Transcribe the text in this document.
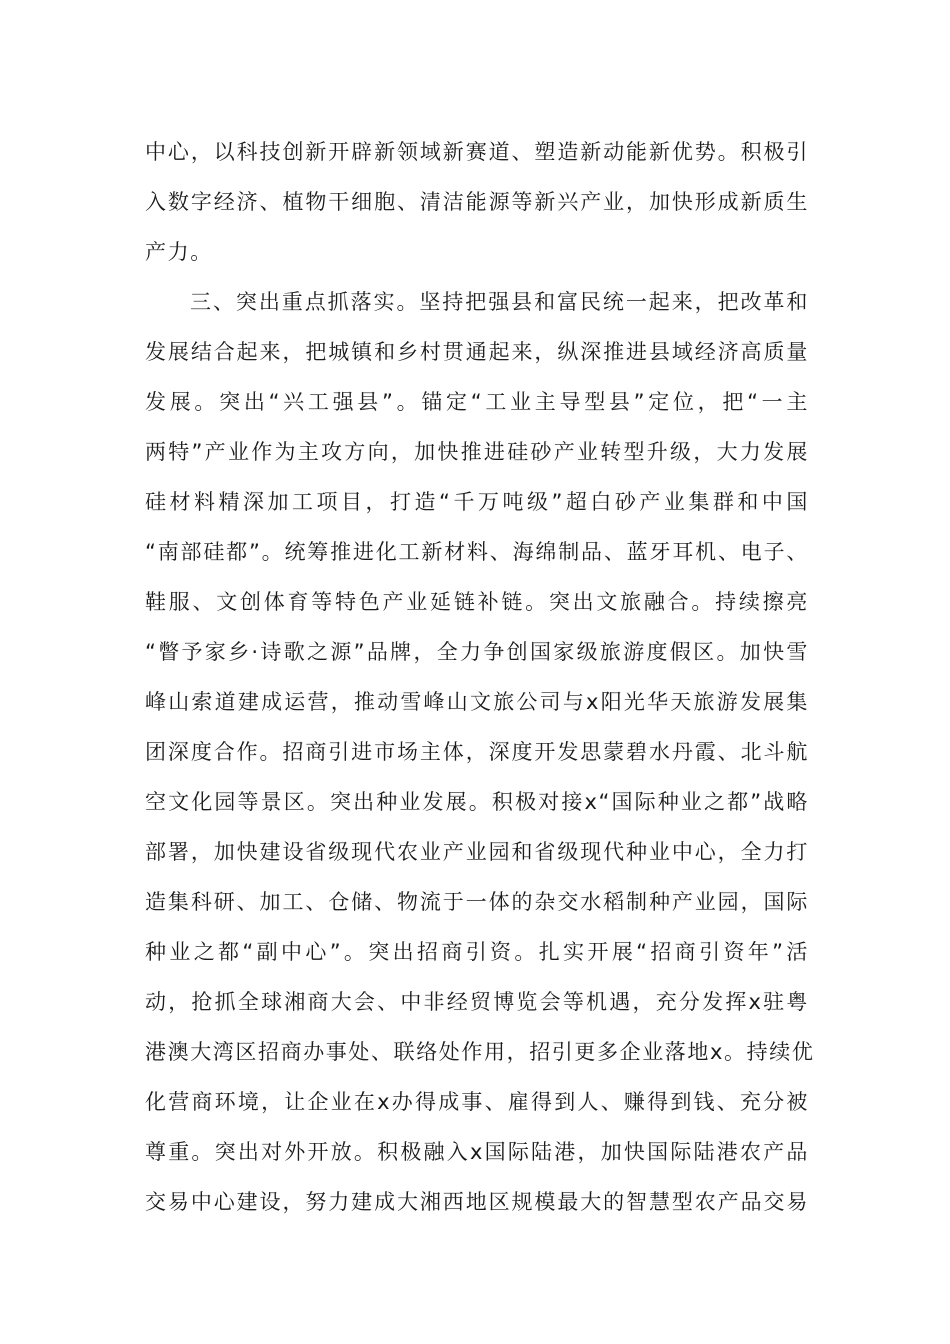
中心，以科技创新开辟新领域新赛道、塑造新动能新优势。积极引
入数字经济、植物干细胞、清洁能源等新兴产业，加快形成新质生
产力。
三、突出重点抓落实。坚持把强县和富民统一起来，把改革和
发展结合起来，把城镇和乡村贯通起来，纵深推进县域经济高质量
发展。突出“兴工强县”。锚定“工业主导型县”定位，把“一主
两特”产业作为主攻方向，加快推进硅砂产业转型升级，大力发展
硅材料精深加工项目，打造“千万吨级”超白砂产业集群和中国
“南部硅都”。统筹推进化工新材料、海绵制品、蓝牙耳机、电子、
鞋服、文创体育等特色产业延链补链。突出文旅融合。持续擦亮
“瞥予家乡·诗歌之源”品牌，全力争创国家级旅游度假区。加快雪
峰山索道建成运营，推动雪峰山文旅公司与x阳光华天旅游发展集
团深度合作。招商引进市场主体，深度开发思蒙碧水丹霞、北斗航
空文化园等景区。突出种业发展。积极对接x“国际种业之都”战略
部署，加快建设省级现代农业产业园和省级现代种业中心，全力打
造集科研、加工、仓储、物流于一体的杂交水稻制种产业园，国际
种业之都“副中心”。突出招商引资。扎实开展“招商引资年”活
动，抢抓全球湘商大会、中非经贸博览会等机遇，充分发挥x驻粤
港澳大湾区招商办事处、联络处作用，招引更多企业落地x。持续优
化营商环境，让企业在x办得成事、雇得到人、赚得到钱、充分被
尊重。突出对外开放。积极融入x国际陆港，加快国际陆港农产品
交易中心建设，努力建成大湘西地区规模最大的智慧型农产品交易
